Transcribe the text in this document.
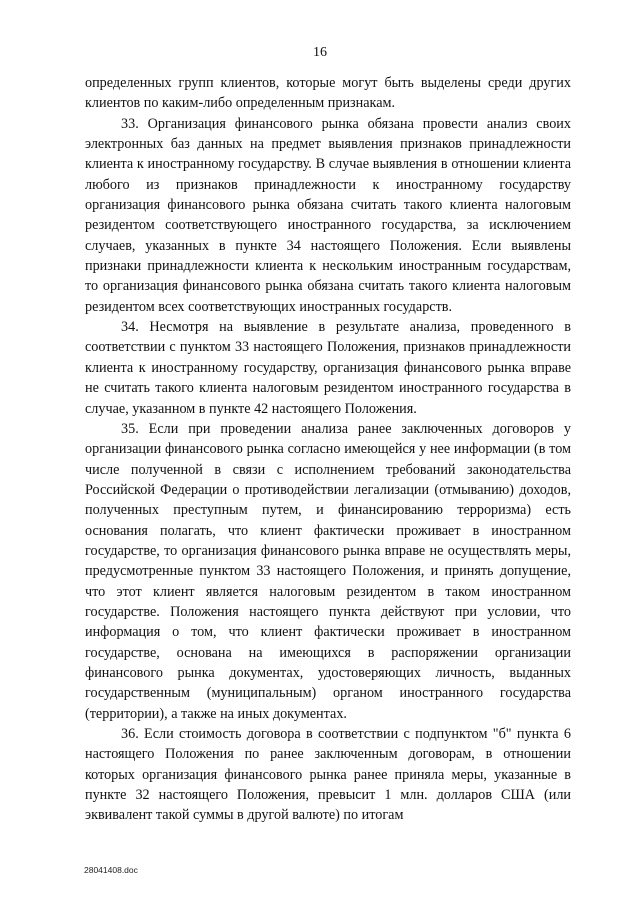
16

определенных групп клиентов, которые могут быть выделены среди других клиентов по каким-либо определенным признакам.

33. Организация финансового рынка обязана провести анализ своих электронных баз данных на предмет выявления признаков принадлежности клиента к иностранному государству. В случае выявления в отношении клиента любого из признаков принадлежности к иностранному государству организация финансового рынка обязана считать такого клиента налоговым резидентом соответствующего иностранного государства, за исключением случаев, указанных в пункте 34 настоящего Положения. Если выявлены признаки принадлежности клиента к нескольким иностранным государствам, то организация финансового рынка обязана считать такого клиента налоговым резидентом всех соответствующих иностранных государств.

34. Несмотря на выявление в результате анализа, проведенного в соответствии с пунктом 33 настоящего Положения, признаков принадлежности клиента к иностранному государству, организация финансового рынка вправе не считать такого клиента налоговым резидентом иностранного государства в случае, указанном в пункте 42 настоящего Положения.

35. Если при проведении анализа ранее заключенных договоров у организации финансового рынка согласно имеющейся у нее информации (в том числе полученной в связи с исполнением требований законодательства Российской Федерации о противодействии легализации (отмыванию) доходов, полученных преступным путем, и финансированию терроризма) есть основания полагать, что клиент фактически проживает в иностранном государстве, то организация финансового рынка вправе не осуществлять меры, предусмотренные пунктом 33 настоящего Положения, и принять допущение, что этот клиент является налоговым резидентом в таком иностранном государстве. Положения настоящего пункта действуют при условии, что информация о том, что клиент фактически проживает в иностранном государстве, основана на имеющихся в распоряжении организации финансового рынка документах, удостоверяющих личность, выданных государственным (муниципальным) органом иностранного государства (территории), а также на иных документах.

36. Если стоимость договора в соответствии с подпунктом "б" пункта 6 настоящего Положения по ранее заключенным договорам, в отношении которых организация финансового рынка ранее приняла меры, указанные в пункте 32 настоящего Положения, превысит 1 млн. долларов США (или эквивалент такой суммы в другой валюте) по итогам

28041408.doc
